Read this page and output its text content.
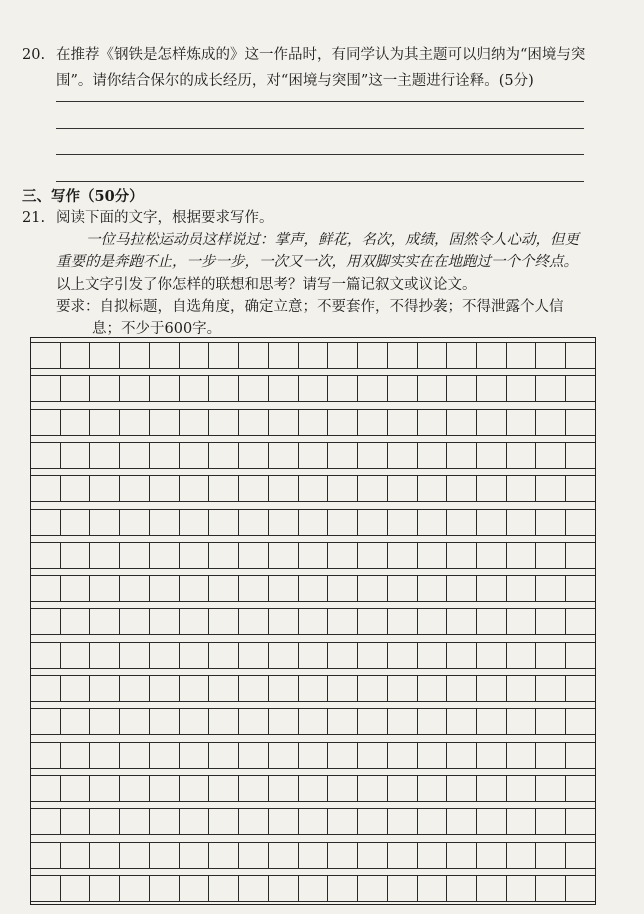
20. 在推荐《钢铁是怎样炼成的》这一作品时，有同学认为其主题可以归纳为“困境与突围”。请你结合保尔的成长经历，对“困境与突围”这一主题进行诠释。(5分)
三、写作（50分）
21. 阅读下面的文字，根据要求写作。
一位马拉松运动员这样说过：掌声，鲜花，名次，成绩，固然令人心动，但更
重要的是奔跑不止，一步一步，一次又一次，用双脚实实在在地跑过一个个终点。
以上文字引发了你怎样的联想和思考？请写一篇记叙文或议论文。
要求：自拟标题，自选角度，确定立意；不要套作，不得抄袭；不得泄露个人信
息；不少于600字。
